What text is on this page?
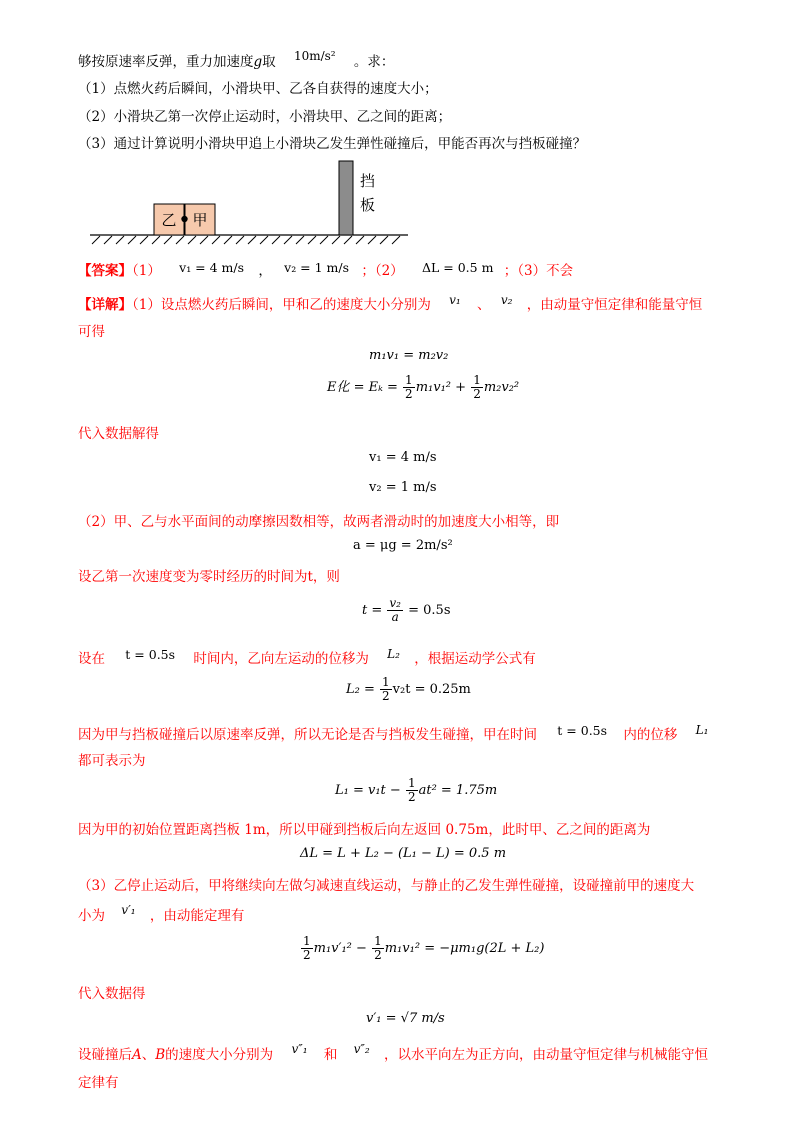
够按原速率反弹，重力加速度g取 10m/s² 。求：
（1）点燃火药后瞬间，小滑块甲、乙各自获得的速度大小；
（2）小滑块乙第一次停止运动时，小滑块甲、乙之间的距离；
（3）通过计算说明小滑块甲追上小滑块乙发生弹性碰撞后，甲能否再次与挡板碰撞？
乙 甲
挡
板
【答案】（1） v₁ = 4 m/s ， v₂ = 1 m/s ；（2） ΔL = 0.5 m ；（3）不会
【详解】（1）设点燃火药后瞬间，甲和乙的速度大小分别为 v₁ 、 v₂ ，由动量守恒定律和能量守恒
可得
m₁v₁ = m₂v₂
E化 = $E_k = \frac{1}{2} m_1v_1^2 + \frac{1}{2} m_2v_2^2$
代入数据解得
v₁ = 4 m/s
v₂ = 1 m/s
（2）甲、乙与水平面间的动摩擦因数相等，故两者滑动时的加速度大小相等，即
a = μg = 2m/s²
设乙第一次速度变为零时经历的时间为t，则
$t = \frac{\text{v₂}}{a} = 0.5s$
设在 t = 0.5s 时间内，乙向左运动的位移为 L₂ ，根据运动学公式有
$L_2 = \frac{1}{2} v_2t = 0.25m$
因为甲与挡板碰撞后以原速率反弹，所以无论是否与挡板发生碰撞，甲在时间 t = 0.5s 内的位移 L₁
都可表示为
$L_1 = v_1t - \frac{1}{2} at^2 = 1.75m$
因为甲的初始位置距离挡板 1m，所以甲碰到挡板后向左返回 0.75m，此时甲、乙之间的距离为
ΔL = L + L₂ − (L₁ − L) = 0.5 m
（3）乙停止运动后，甲将继续向左做匀减速直线运动，与静止的乙发生弹性碰撞，设碰撞前甲的速度大
小为 v′₁ ，由动能定理有
$\frac{1}{2} m_1v'_1^2 - \frac{1}{2} m_1v_1^2 = -\mu m_1g(2L + L_2)$
代入数据得
v′₁ = √7 m/s
设碰撞后A、B的速度大小分别为 v″₁ 和 v″₂ ，以水平向左为正方向，由动量守恒定律与机械能守恒
定律有
